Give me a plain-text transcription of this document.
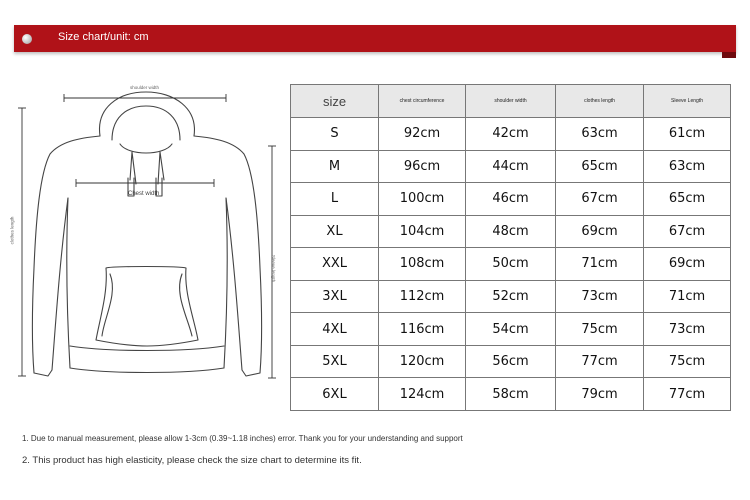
Size chart/unit: cm
shoulder width
Chest width
clothes length
Sleeve length
size	chest circumference	shoulder width	clothes length	Sleeve Length
S	92cm	42cm	63cm	61cm
M	96cm	44cm	65cm	63cm
L	100cm	46cm	67cm	65cm
XL	104cm	48cm	69cm	67cm
XXL	108cm	50cm	71cm	69cm
3XL	112cm	52cm	73cm	71cm
4XL	116cm	54cm	75cm	73cm
5XL	120cm	56cm	77cm	75cm
6XL	124cm	58cm	79cm	77cm

1. Due to manual measurement, please allow 1-3cm (0.39~1.18 inches) error. Thank you for your understanding and support

2. This product has high elasticity, please check the size chart to determine its fit.
